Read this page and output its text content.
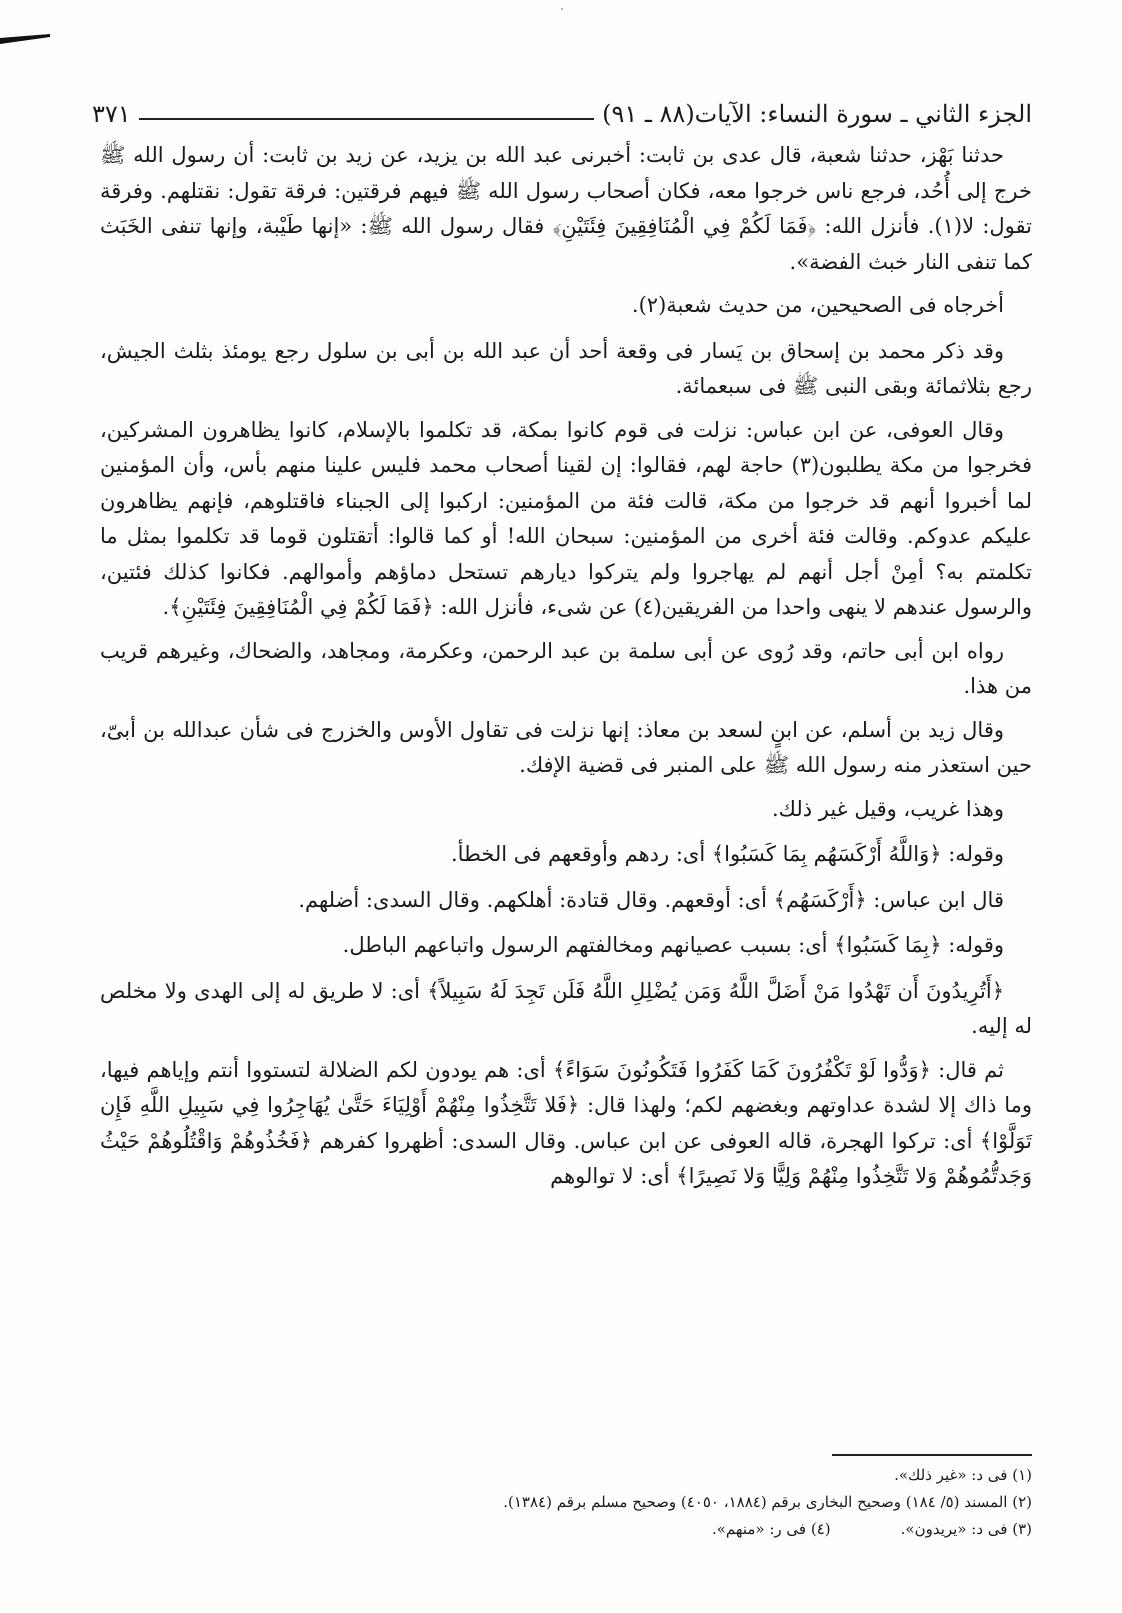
الجزء الثاني ـ سورة النساء: الآيات(٨٨ ـ ٩١)
٣٧١

حدثنا بَهْز، حدثنا شعبة، قال عدى بن ثابت: أخبرنى عبد الله بن يزيد، عن زيد بن ثابت: أن رسول الله ﷺ خرج إلى أُحُد، فرجع ناس خرجوا معه، فكان أصحاب رسول الله ﷺ فيهم فرقتين: فرقة تقول: نقتلهم. وفرقة تقول: لا(١). فأنزل الله: ﴿فَمَا لَكُمْ فِي الْمُنَافِقِينَ فِئَتَيْنِ﴾ فقال رسول الله ﷺ: «إنها طَيْبة، وإنها تنفى الخَبَث كما تنفى النار خبث الفضة».

أخرجاه فى الصحيحين، من حديث شعبة(٢).

وقد ذكر محمد بن إسحاق بن يَسار فى وقعة أحد أن عبد الله بن أبى بن سلول رجع يومئذ بثلث الجيش، رجع بثلاثمائة وبقى النبى ﷺ فى سبعمائة.

وقال العوفى، عن ابن عباس: نزلت فى قوم كانوا بمكة، قد تكلموا بالإسلام، كانوا يظاهرون المشركين، فخرجوا من مكة يطلبون(٣) حاجة لهم، فقالوا: إن لقينا أصحاب محمد فليس علينا منهم بأس، وأن المؤمنين لما أخبروا أنهم قد خرجوا من مكة، قالت فئة من المؤمنين: اركبوا إلى الجبناء فاقتلوهم، فإنهم يظاهرون عليكم عدوكم. وقالت فئة أخرى من المؤمنين: سبحان الله! أو كما قالوا: أتقتلون قوما قد تكلموا بمثل ما تكلمتم به؟ أمِنْ أجل أنهم لم يهاجروا ولم يتركوا ديارهم تستحل دماؤهم وأموالهم. فكانوا كذلك فئتين، والرسول عندهم لا ينهى واحدا من الفريقين(٤) عن شىء، فأنزل الله: ﴿فَمَا لَكُمْ فِي الْمُنَافِقِينَ فِئَتَيْنِ﴾.

رواه ابن أبى حاتم، وقد رُوى عن أبى سلمة بن عبد الرحمن، وعكرمة، ومجاهد، والضحاك، وغيرهم قريب من هذا.

وقال زيد بن أسلم، عن ابنٍ لسعد بن معاذ: إنها نزلت فى تقاول الأوس والخزرج فى شأن عبدالله بن أبىّ، حين استعذر منه رسول الله ﷺ على المنبر فى قضية الإفك.

وهذا غريب، وقيل غير ذلك.

وقوله: ﴿وَاللَّهُ أَرْكَسَهُم بِمَا كَسَبُوا﴾ أى: ردهم وأوقعهم فى الخطأ.

قال ابن عباس: ﴿أَرْكَسَهُم﴾ أى: أوقعهم. وقال قتادة: أهلكهم. وقال السدى: أضلهم.

وقوله: ﴿بِمَا كَسَبُوا﴾ أى: بسبب عصيانهم ومخالفتهم الرسول واتباعهم الباطل.

﴿أَتُرِيدُونَ أَن تَهْدُوا مَنْ أَضَلَّ اللَّهُ وَمَن يُضْلِلِ اللَّهُ فَلَن تَجِدَ لَهُ سَبِيلاً﴾ أى: لا طريق له إلى الهدى ولا مخلص له إليه.

ثم قال: ﴿وَدُّوا لَوْ تَكْفُرُونَ كَمَا كَفَرُوا فَتَكُونُونَ سَوَاءً﴾ أى: هم يودون لكم الضلالة لتستووا أنتم وإياهم فيها، وما ذاك إلا لشدة عداوتهم وبغضهم لكم؛ ولهذا قال: ﴿فَلا تَتَّخِذُوا مِنْهُمْ أَوْلِيَاءَ حَتَّىٰ يُهَاجِرُوا فِي سَبِيلِ اللَّهِ فَإِن تَوَلَّوْا﴾ أى: تركوا الهجرة، قاله العوفى عن ابن عباس. وقال السدى: أظهروا كفرهم ﴿فَخُذُوهُمْ وَاقْتُلُوهُمْ حَيْثُ وَجَدتُّمُوهُمْ وَلا تَتَّخِذُوا مِنْهُمْ وَلِيًّا وَلا نَصِيرًا﴾ أى: لا توالوهم

(١) فى د: «غير ذلك».

(٢) المسند (٥/ ١٨٤) وصحيح البخارى برقم (١٨٨٤، ٤٠٥٠) وصحيح مسلم برقم (١٣٨٤).

(٣) فى د: «يريدون».

(٤) فى ر: «منهم».
